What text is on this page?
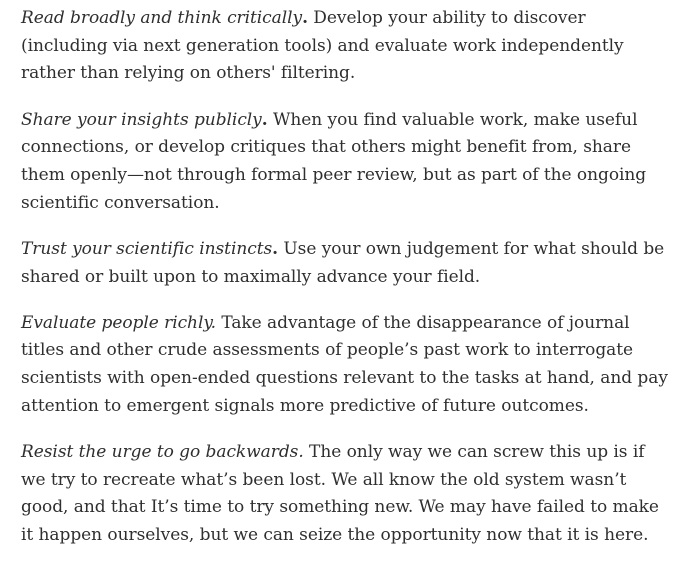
Read broadly and think critically. Develop your ability to discover
(including via next generation tools) and evaluate work independently
rather than relying on others' filtering.

Share your insights publicly. When you find valuable work, make useful
connections, or develop critiques that others might benefit from, share
them openly—not through formal peer review, but as part of the ongoing
scientific conversation.

Trust your scientific instincts. Use your own judgement for what should be
shared or built upon to maximally advance your field.

Evaluate people richly. Take advantage of the disappearance of journal
titles and other crude assessments of people’s past work to interrogate
scientists with open-ended questions relevant to the tasks at hand, and pay
attention to emergent signals more predictive of future outcomes.

Resist the urge to go backwards. The only way we can screw this up is if
we try to recreate what’s been lost. We all know the old system wasn’t
good, and that It’s time to try something new. We may have failed to make
it happen ourselves, but we can seize the opportunity now that it is here.
